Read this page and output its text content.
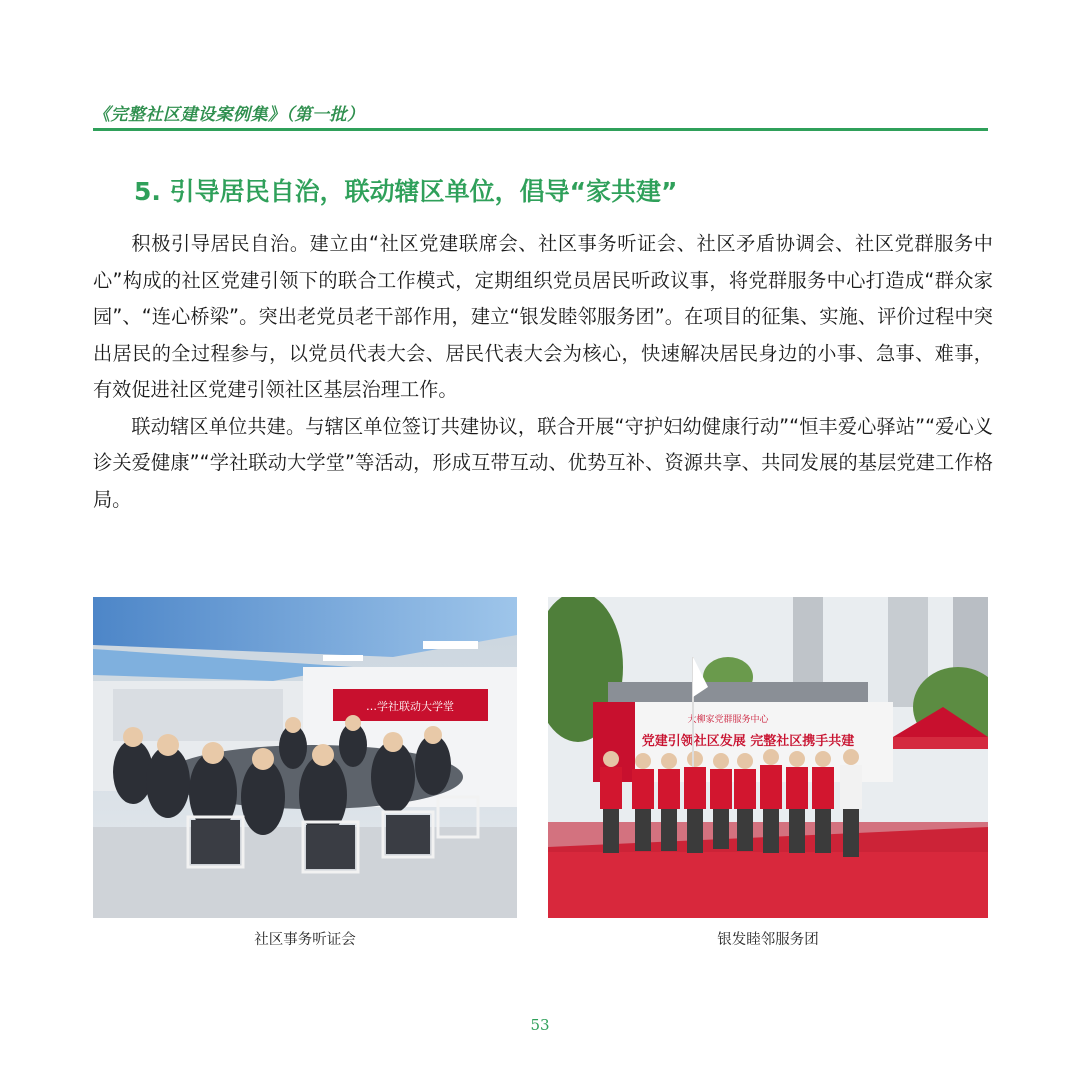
《完整社区建设案例集》（第一批）
5. 引导居民自治，联动辖区单位，倡导“家共建”

积极引导居民自治。建立由“社区党建联席会、社区事务听证会、社区矛盾协调会、社区党群服务中心”构成的社区党建引领下的联合工作模式，定期组织党员居民听政议事，将党群服务中心打造成“群众家园”、“连心桥梁”。突出老党员老干部作用，建立“银发睦邻服务团”。在项目的征集、实施、评价过程中突出居民的全过程参与，以党员代表大会、居民代表大会为核心，快速解决居民身边的小事、急事、难事，有效促进社区党建引领社区基层治理工作。

联动辖区单位共建。与辖区单位签订共建协议，联合开展“守护妇幼健康行动”“恒丰爱心驿站”“爱心义诊关爱健康”“学社联动大学堂”等活动，形成互带互动、优势互补、资源共享、共同发展的基层党建工作格局。

…学社联动大学堂
大柳家党群服务中心
党建引领社区发展 完整社区携手共建
社区事务听证会	银发睦邻服务团
53
